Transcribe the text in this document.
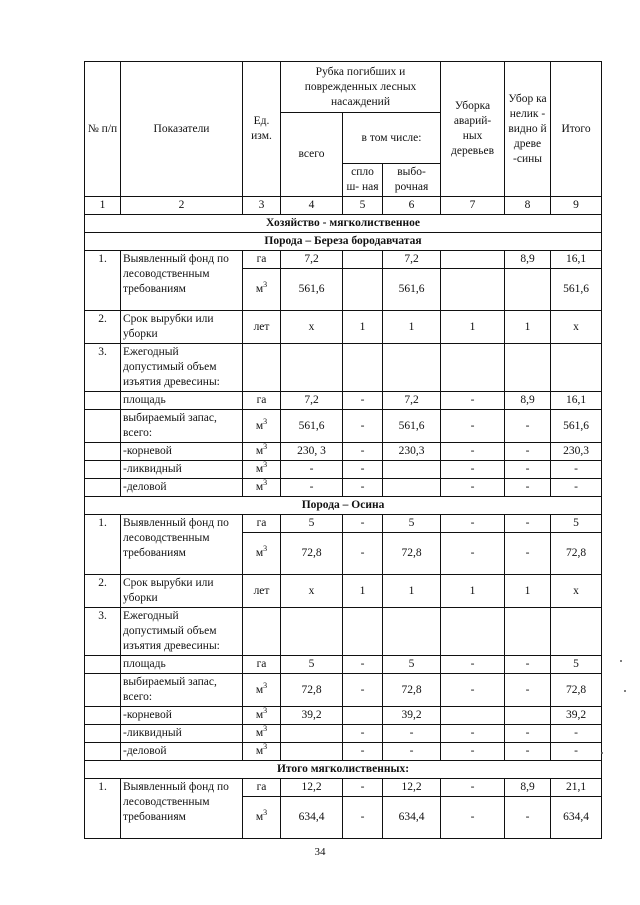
№ п/п	Показатели	Ед. изм.	Рубка погибших и поврежденных лесных насаждений			Уборка аварий- ных деревьев	Убор ка нелик - видно й древе -сины	Итого
			всего	в том числе:				
				спло ш- ная	выбо- рочная			
1	2	3	4	5	6	7	8	9
Хозяйство - мягколиственное								
Порода – Береза бородавчатая								
1.	Выявленный фонд по лесоводственным требованиям	га	7,2		7,2		8,9	16,1
		$м^3$	561,6		561,6			561,6
2.	Срок вырубки или уборки	лет	х	1	1	1	1	х
3.	Ежегодный допустимый объем изъятия древесины:							
	площадь	га	7,2	-	7,2	-	8,9	16,1
	выбираемый запас, всего:	$м^3$	561,6	-	561,6	-	-	561,6
	-корневой	$м^3$	230, 3	-	230,3	-	-	230,3
	-ликвидный	$м^3$	-	-		-	-	-
	-деловой	$м^3$	-	-		-	-	-
Порода – Осина								
1.	Выявленный фонд по лесоводственным требованиям	га	5	-	5	-	-	5
		$м^3$	72,8	-	72,8	-	-	72,8
2.	Срок вырубки или уборки	лет	х	1	1	1	1	х
3.	Ежегодный допустимый объем изъятия древесины:							
	площадь	га	5	-	5	-	-	5
	выбираемый запас, всего:	$м^3$	72,8	-	72,8	-	-	72,8
	-корневой	$м^3$	39,2		39,2			39,2
	-ликвидный	$м^3$		-	-	-	-	-
	-деловой	$м^3$		-	-	-	-	-
Итого мягколиственных:								
1.	Выявленный фонд по лесоводственным требованиям	га	12,2	-	12,2	-	8,9	21,1
		$м^3$	634,4	-	634,4	-	-	634,4
34
